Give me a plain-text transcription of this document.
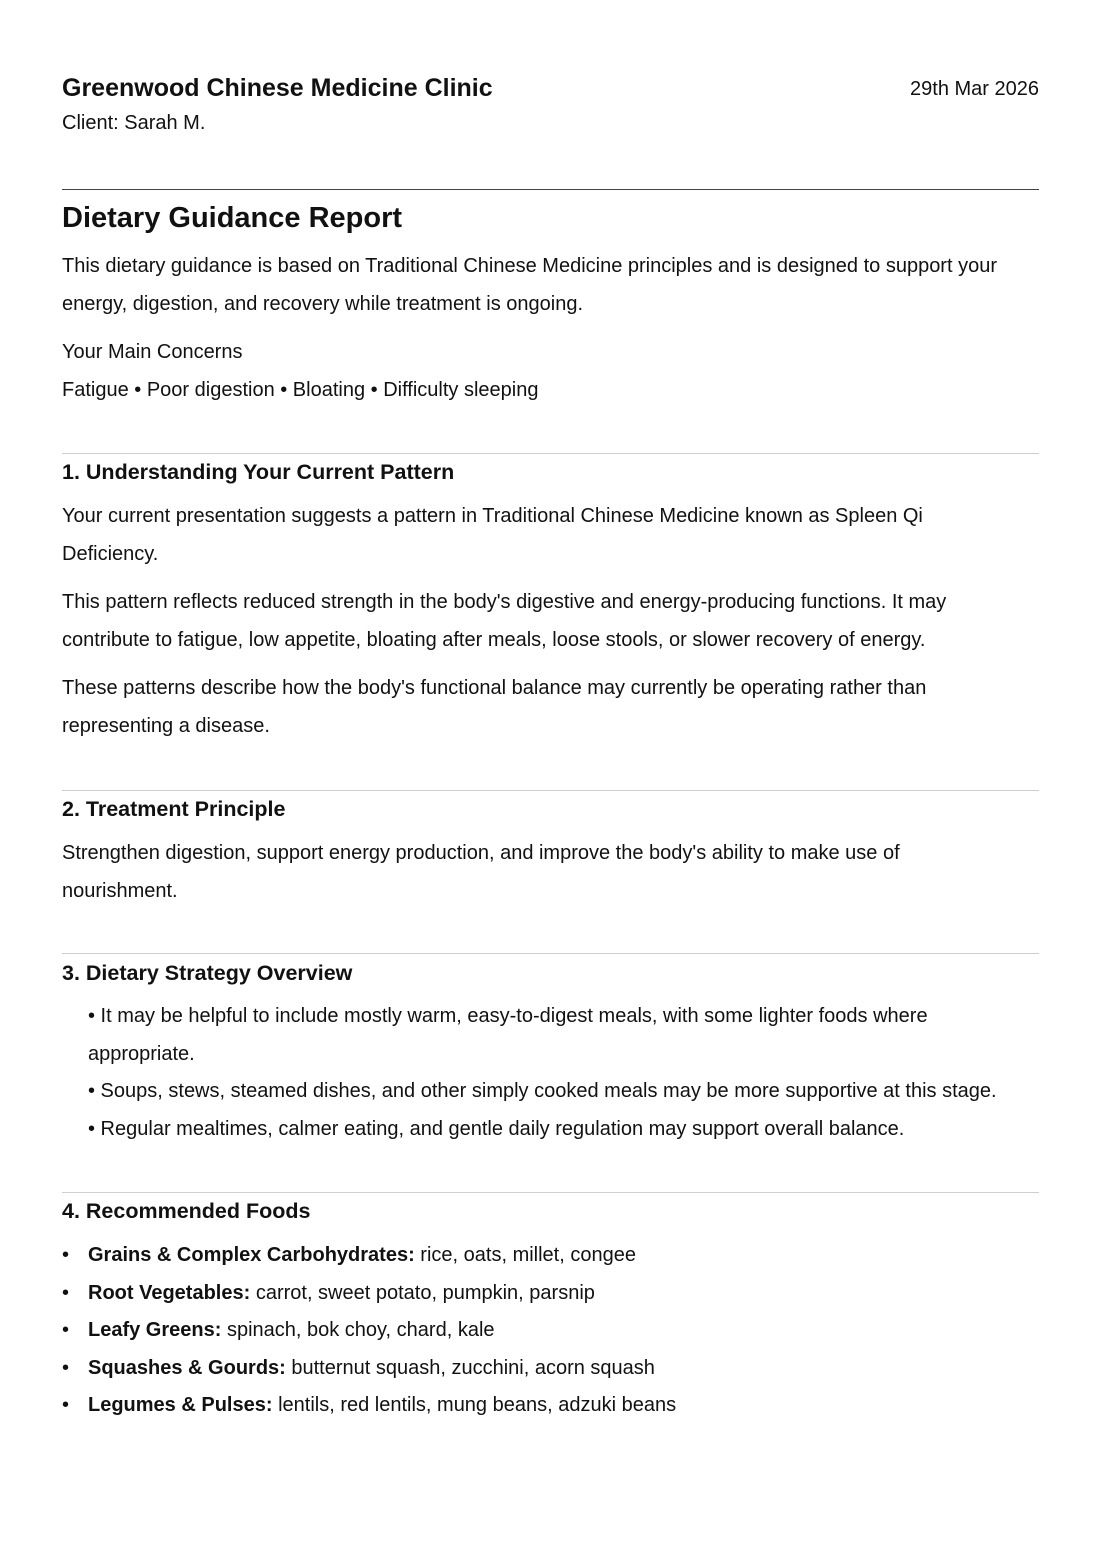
Greenwood Chinese Medicine Clinic	29th Mar 2026
Client: Sarah M.
Dietary Guidance Report

This dietary guidance is based on Traditional Chinese Medicine principles and is designed to support your energy, digestion, and recovery while treatment is ongoing.

Your Main Concerns

Fatigue • Poor digestion • Bloating • Difficulty sleeping

1. Understanding Your Current Pattern

Your current presentation suggests a pattern in Traditional Chinese Medicine known as Spleen Qi Deficiency.

This pattern reflects reduced strength in the body's digestive and energy-producing functions. It may contribute to fatigue, low appetite, bloating after meals, loose stools, or slower recovery of energy.

These patterns describe how the body's functional balance may currently be operating rather than representing a disease.

2. Treatment Principle

Strengthen digestion, support energy production, and improve the body's ability to make use of nourishment.

3. Dietary Strategy Overview
• It may be helpful to include mostly warm, easy-to-digest meals, with some lighter foods where appropriate.
• Soups, stews, steamed dishes, and other simply cooked meals may be more supportive at this stage.
• Regular mealtimes, calmer eating, and gentle daily regulation may support overall balance.
4. Recommended Foods
• Grains & Complex Carbohydrates: rice, oats, millet, congee
• Root Vegetables: carrot, sweet potato, pumpkin, parsnip
• Leafy Greens: spinach, bok choy, chard, kale
• Squashes & Gourds: butternut squash, zucchini, acorn squash
• Legumes & Pulses: lentils, red lentils, mung beans, adzuki beans
